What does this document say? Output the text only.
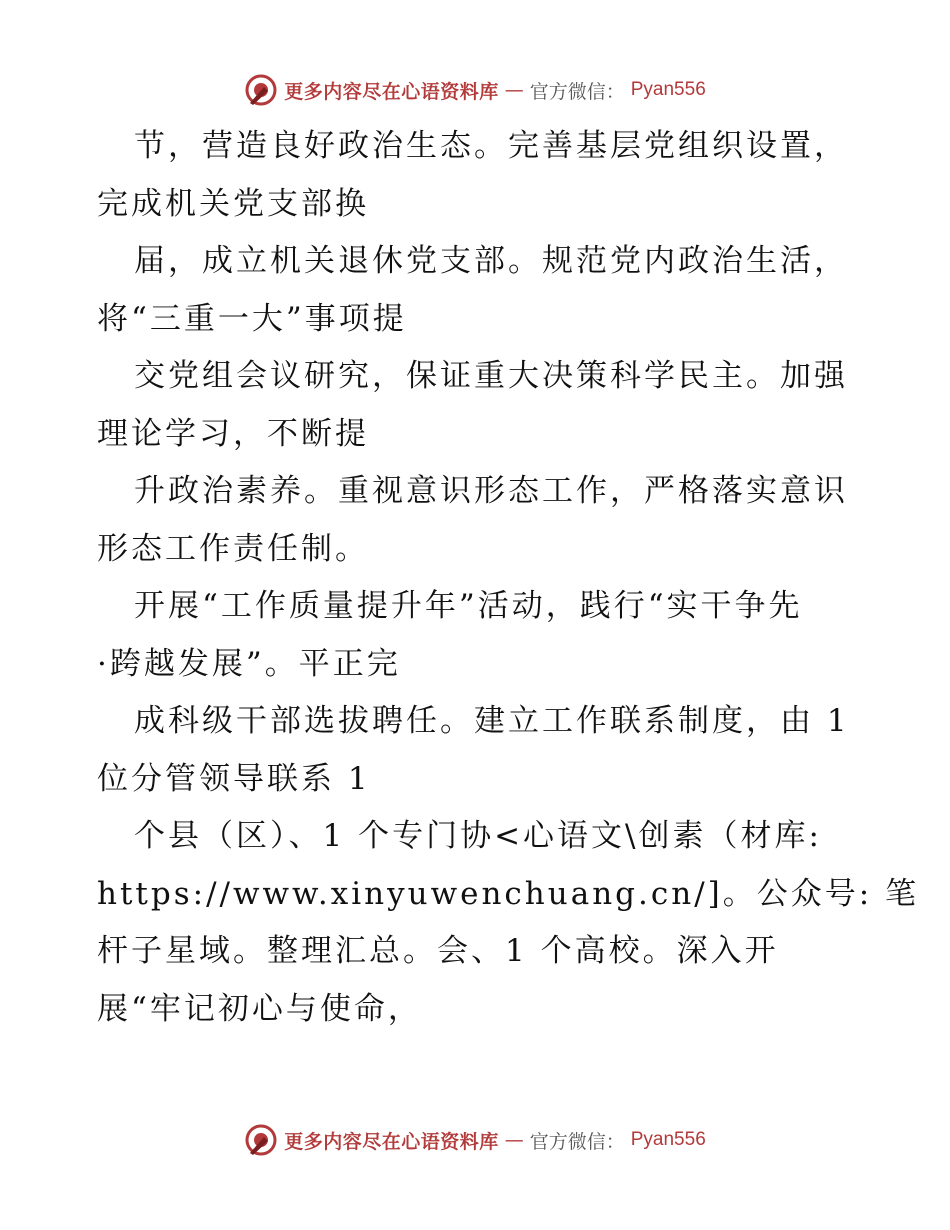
更多内容尽在心语资料库 — 官方微信： Pyan556
节，营造良好政治生态。完善基层党组织设置，
完成机关党支部换
届，成立机关退休党支部。规范党内政治生活，
将“三重一大”事项提
交党组会议研究，保证重大决策科学民主。加强
理论学习，不断提
升政治素养。重视意识形态工作，严格落实意识
形态工作责任制。
开展“工作质量提升年”活动，践行“实干争先
·跨越发展”。平正完
成科级干部选拔聘任。建立工作联系制度，由 1
位分管领导联系 1
个县（区）、1 个专门协<心语文\创素（材库:
https://www.xinyuwenchuang.cn/]。公众号: 笔
杆子星域。整理汇总。会、1 个高校。深入开
展“牢记初心与使命，
更多内容尽在心语资料库 — 官方微信： Pyan556
